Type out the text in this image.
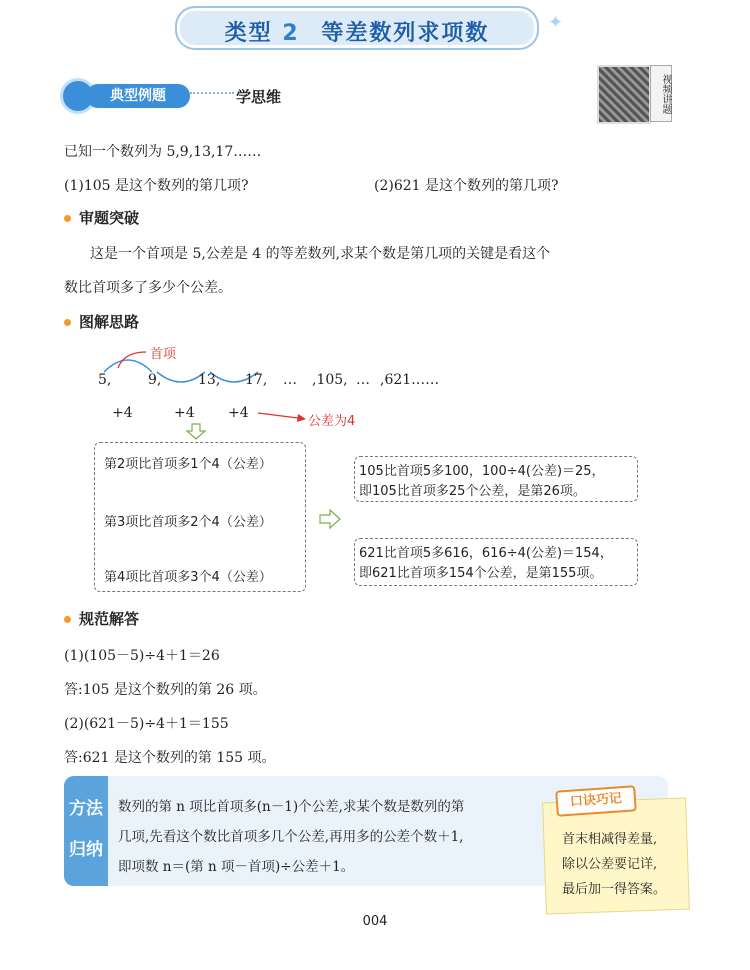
✦
类型 2 等差数列求项数
典型例题	学思维	视频讲题
已知一个数列为 5,9,13,17……
(1)105 是这个数列的第几项?	(2)621 是这个数列的第几项?
审题突破
这是一个首项是 5,公差是 4 的等差数列,求某个数是第几项的关键是看这个
数比首项多了多少个公差。
图解思路
首项
公差为4
5,	9,	13, 17, … ,105, … ,621……
+4	+4 +4
第2项比首项多1个4（公差）
第3项比首项多2个4（公差）
第4项比首项多3个4（公差）
105比首项5多100，100÷4(公差)＝25，
即105比首项多25个公差，是第26项。
621比首项5多616，616÷4(公差)＝154，
即621比首项多154个公差，是第155项。
规范解答
(1)(105－5)÷4＋1＝26
答:105 是这个数列的第 26 项。
(2)(621－5)÷4＋1＝155
答:621 是这个数列的第 155 项。
方法
归纳
数列的第 n 项比首项多(n－1)个公差,求某个数是数列的第
几项,先看这个数比首项多几个公差,再用多的公差个数＋1,
即项数 n＝(第 n 项－首项)÷公差＋1。
口诀巧记
首末相减得差量,
除以公差要记详,
最后加一得答案。
004
